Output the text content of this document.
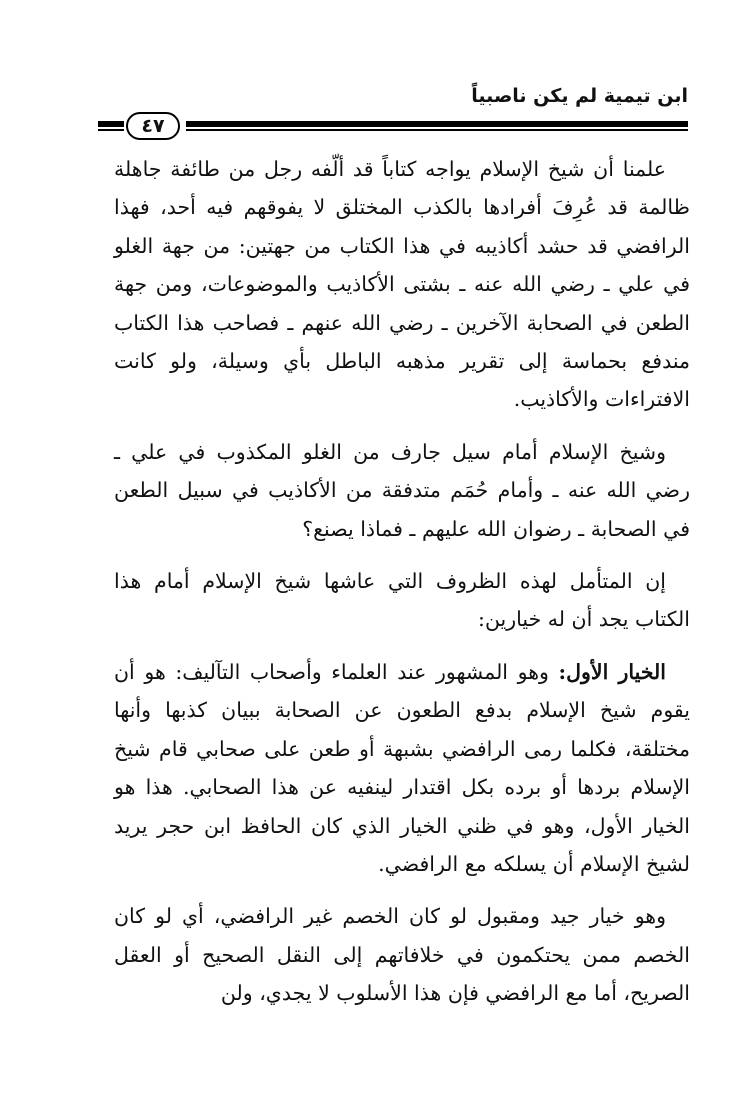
ابن تيمية لم يكن ناصبياً
٤٧

علمنا أن شيخ الإسلام يواجه كتاباً قد ألّفه رجل من طائفة جاهلة ظالمة قد عُرِفَ أفرادها بالكذب المختلق لا يفوقهم فيه أحد، فهذا الرافضي قد حشد أكاذيبه في هذا الكتاب من جهتين: من جهة الغلو في علي ـ رضي الله عنه ـ بشتى الأكاذيب والموضوعات، ومن جهة الطعن في الصحابة الآخرين ـ رضي الله عنهم ـ فصاحب هذا الكتاب مندفع بحماسة إلى تقرير مذهبه الباطل بأي وسيلة، ولو كانت الافتراءات والأكاذيب.

وشيخ الإسلام أمام سيل جارف من الغلو المكذوب في علي ـ رضي الله عنه ـ وأمام حُمَم متدفقة من الأكاذيب في سبيل الطعن في الصحابة ـ رضوان الله عليهم ـ فماذا يصنع؟

إن المتأمل لهذه الظروف التي عاشها شيخ الإسلام أمام هذا الكتاب يجد أن له خيارين:

الخيار الأول: وهو المشهور عند العلماء وأصحاب التآليف: هو أن يقوم شيخ الإسلام بدفع الطعون عن الصحابة ببيان كذبها وأنها مختلقة، فكلما رمى الرافضي بشبهة أو طعن على صحابي قام شيخ الإسلام بردها أو برده بكل اقتدار لينفيه عن هذا الصحابي. هذا هو الخيار الأول، وهو في ظني الخيار الذي كان الحافظ ابن حجر يريد لشيخ الإسلام أن يسلكه مع الرافضي.

وهو خيار جيد ومقبول لو كان الخصم غير الرافضي، أي لو كان الخصم ممن يحتكمون في خلافاتهم إلى النقل الصحيح أو العقل الصريح، أما مع الرافضي فإن هذا الأسلوب لا يجدي، ولن
